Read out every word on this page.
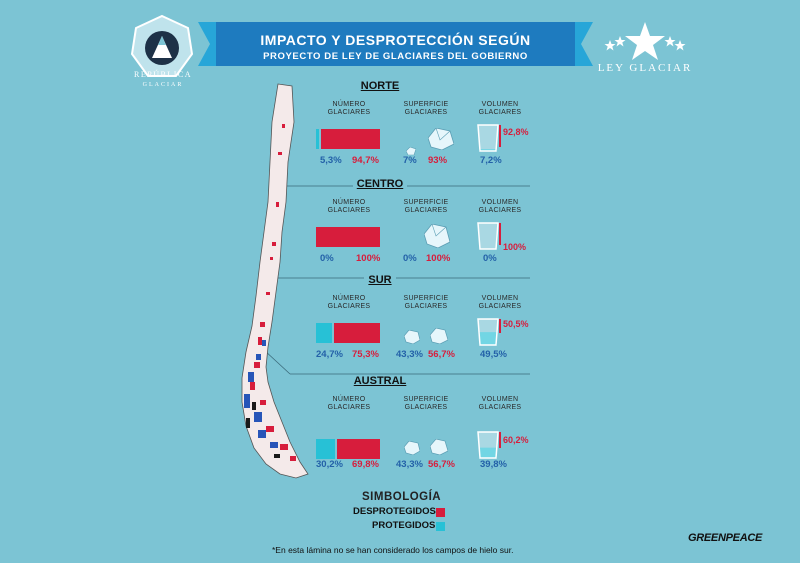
REPÚBLICA
GLACIAR
LEY GLACIAR
IMPACTO Y DESPROTECCIÓN SEGÚN
PROYECTO DE LEY DE GLACIARES DEL GOBIERNO
NORTE
NÚMERO GLACIARES
SUPERFICIE GLACIARES
VOLUMEN GLACIARES
5,3% 94,7%	7% 93%
92,8%
7,2%
CENTRO
NÚMERO GLACIARES
SUPERFICIE GLACIARES
VOLUMEN GLACIARES
0% 100% 0% 100%
100%
0%
SUR
NÚMERO GLACIARES
SUPERFICIE GLACIARES
VOLUMEN GLACIARES
24,7% 75,3% 43,3% 56,7%
50,5%
49,5%
AUSTRAL
NÚMERO GLACIARES
SUPERFICIE GLACIARES
VOLUMEN GLACIARES
30,2% 69,8% 43,3% 56,7%
60,2%
39,8%
SIMBOLOGÍA
DESPROTEGIDOS
PROTEGIDOS
*En esta lámina no se han considerado los campos de hielo sur.
GREENPEACE
